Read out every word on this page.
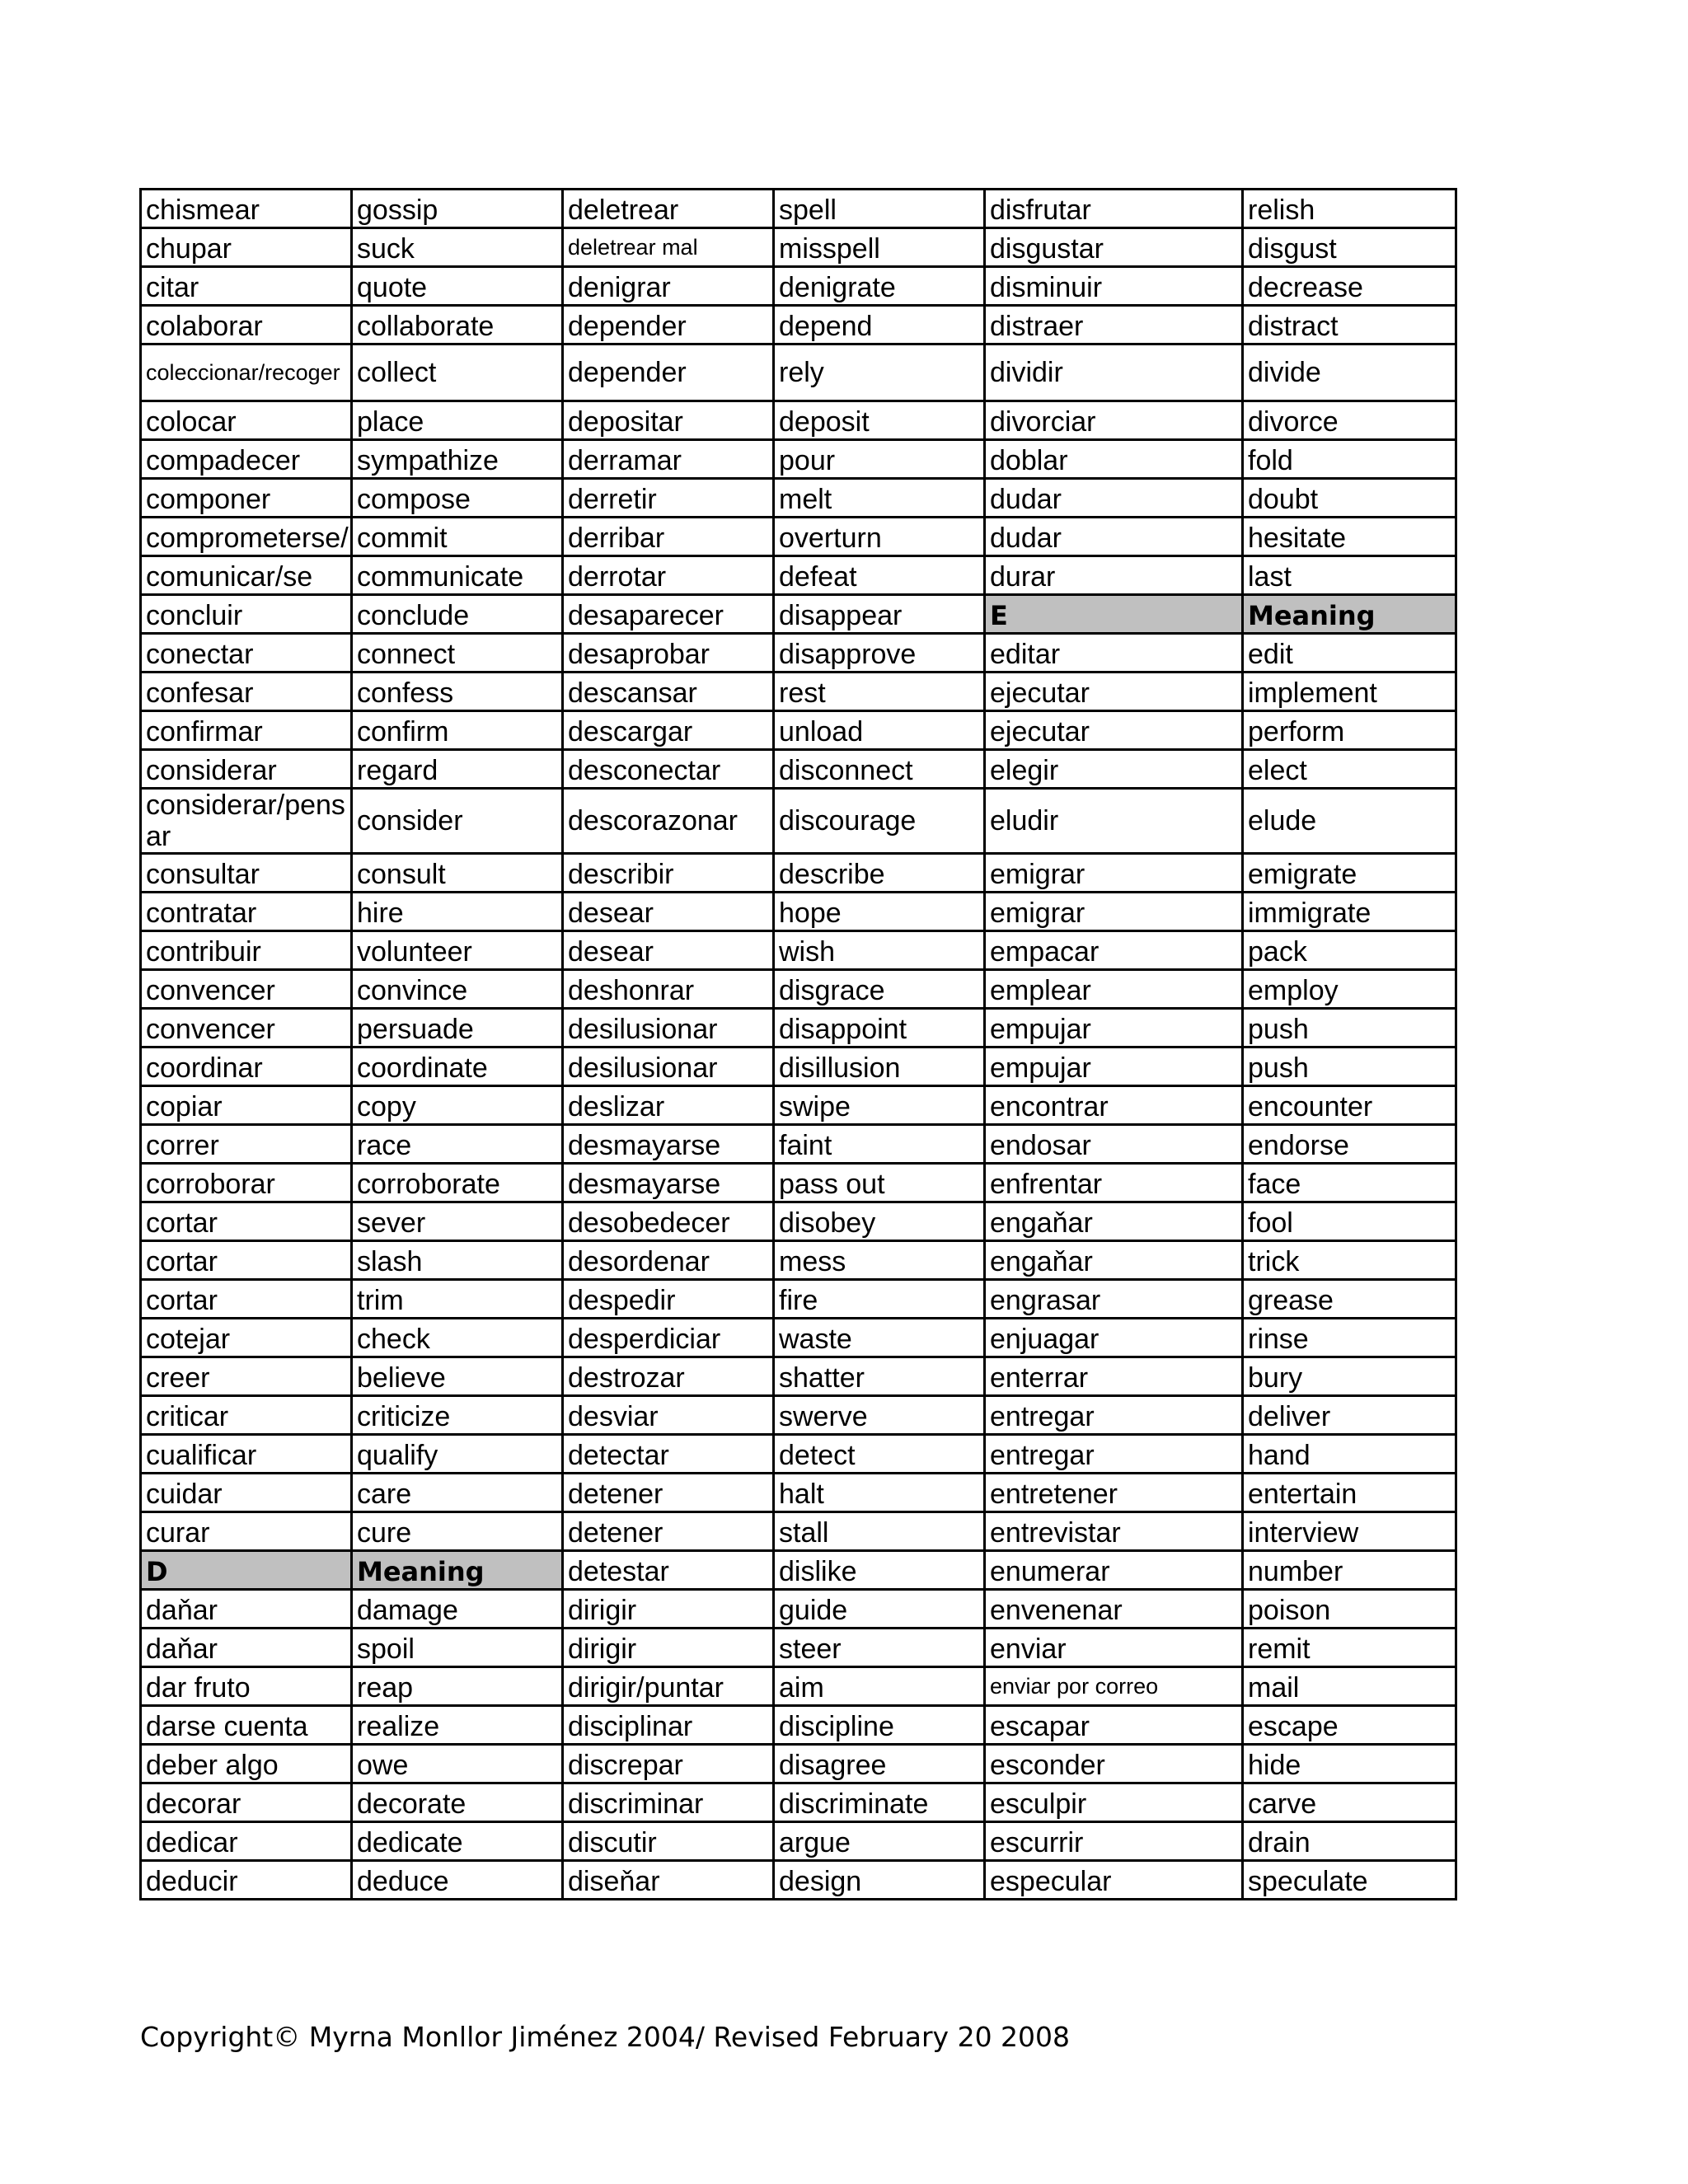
chismear	gossip	deletrear	spell	disfrutar	relish
chupar	suck	deletrear mal	misspell	disgustar	disgust
citar	quote	denigrar	denigrate	disminuir	decrease
colaborar	collaborate	depender	depend	distraer	distract
coleccionar/recoger	collect	depender	rely	dividir	divide
colocar	place	depositar	deposit	divorciar	divorce
compadecer	sympathize	derramar	pour	doblar	fold
componer	compose	derretir	melt	dudar	doubt
comprometerse/	commit	derribar	overturn	dudar	hesitate
comunicar/se	communicate	derrotar	defeat	durar	last
concluir	conclude	desaparecer	disappear	E	Meaning
conectar	connect	desaprobar	disapprove	editar	edit
confesar	confess	descansar	rest	ejecutar	implement
confirmar	confirm	descargar	unload	ejecutar	perform
considerar	regard	desconectar	disconnect	elegir	elect
considerar/pensar	consider	descorazonar	discourage	eludir	elude
consultar	consult	describir	describe	emigrar	emigrate
contratar	hire	desear	hope	emigrar	immigrate
contribuir	volunteer	desear	wish	empacar	pack
convencer	convince	deshonrar	disgrace	emplear	employ
convencer	persuade	desilusionar	disappoint	empujar	push
coordinar	coordinate	desilusionar	disillusion	empujar	push
copiar	copy	deslizar	swipe	encontrar	encounter
correr	race	desmayarse	faint	endosar	endorse
corroborar	corroborate	desmayarse	pass out	enfrentar	face
cortar	sever	desobedecer	disobey	engaňar	fool
cortar	slash	desordenar	mess	engaňar	trick
cortar	trim	despedir	fire	engrasar	grease
cotejar	check	desperdiciar	waste	enjuagar	rinse
creer	believe	destrozar	shatter	enterrar	bury
criticar	criticize	desviar	swerve	entregar	deliver
cualificar	qualify	detectar	detect	entregar	hand
cuidar	care	detener	halt	entretener	entertain
curar	cure	detener	stall	entrevistar	interview
D	Meaning	detestar	dislike	enumerar	number
daňar	damage	dirigir	guide	envenenar	poison
daňar	spoil	dirigir	steer	enviar	remit
dar fruto	reap	dirigir/puntar	aim	enviar por correo	mail
darse cuenta	realize	disciplinar	discipline	escapar	escape
deber algo	owe	discrepar	disagree	esconder	hide
decorar	decorate	discriminar	discriminate	esculpir	carve
dedicar	dedicate	discutir	argue	escurrir	drain
deducir	deduce	diseňar	design	especular	speculate
Copyright© Myrna Monllor Jiménez 2004/ Revised February 20 2008
